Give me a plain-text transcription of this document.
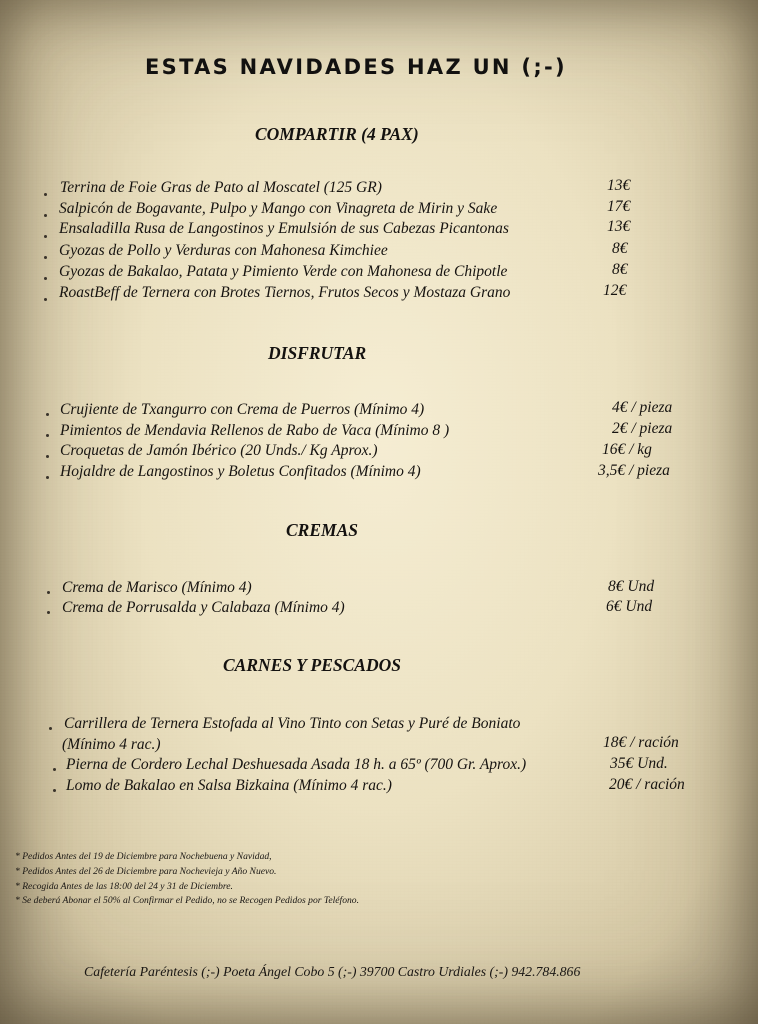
ESTAS NAVIDADES HAZ UN (;-)
COMPARTIR (4 PAX)
Terrina de Foie Gras de Pato al Moscatel (125 GR)	13€
Salpicón de Bogavante, Pulpo y Mango con Vinagreta de Mirin y Sake	17€
Ensaladilla Rusa de Langostinos y Emulsión de sus Cabezas Picantonas	13€
Gyozas de Pollo y Verduras con Mahonesa Kimchiee	8€
Gyozas de Bakalao, Patata y Pimiento Verde con Mahonesa de Chipotle	8€
RoastBeff de Ternera con Brotes Tiernos, Frutos Secos y Mostaza Grano	12€
DISFRUTAR
Crujiente de Txangurro con Crema de Puerros (Mínimo 4)	4€ / pieza
Pimientos de Mendavia Rellenos de Rabo de Vaca (Mínimo 8 )	2€ / pieza
Croquetas de Jamón Ibérico (20 Unds./ Kg Aprox.)	16€ / kg
Hojaldre de Langostinos y Boletus Confitados (Mínimo 4)	3,5€ / pieza
CREMAS
Crema de Marisco (Mínimo 4)	8€ Und
Crema de Porrusalda y Calabaza (Mínimo 4)	6€ Und
CARNES Y PESCADOS
Carrillera de Ternera Estofada al Vino Tinto con Setas y Puré de Boniato
(Mínimo 4 rac.)	18€ / ración
Pierna de Cordero Lechal Deshuesada Asada 18 h. a 65º (700 Gr. Aprox.)	35€ Und.
Lomo de Bakalao en Salsa Bizkaina (Mínimo 4 rac.)	20€ / ración
* Pedidos Antes del 19 de Diciembre para Nochebuena y Navidad,
* Pedidos Antes del 26 de Diciembre para Nochevieja y Año Nuevo.
* Recogida Antes de las 18:00 del 24 y 31 de Diciembre.
* Se deberá Abonar el 50% al Confirmar el Pedido, no se Recogen Pedidos por Teléfono.
Cafetería Paréntesis (;-) Poeta Ángel Cobo 5 (;-) 39700 Castro Urdiales (;-) 942.784.866
